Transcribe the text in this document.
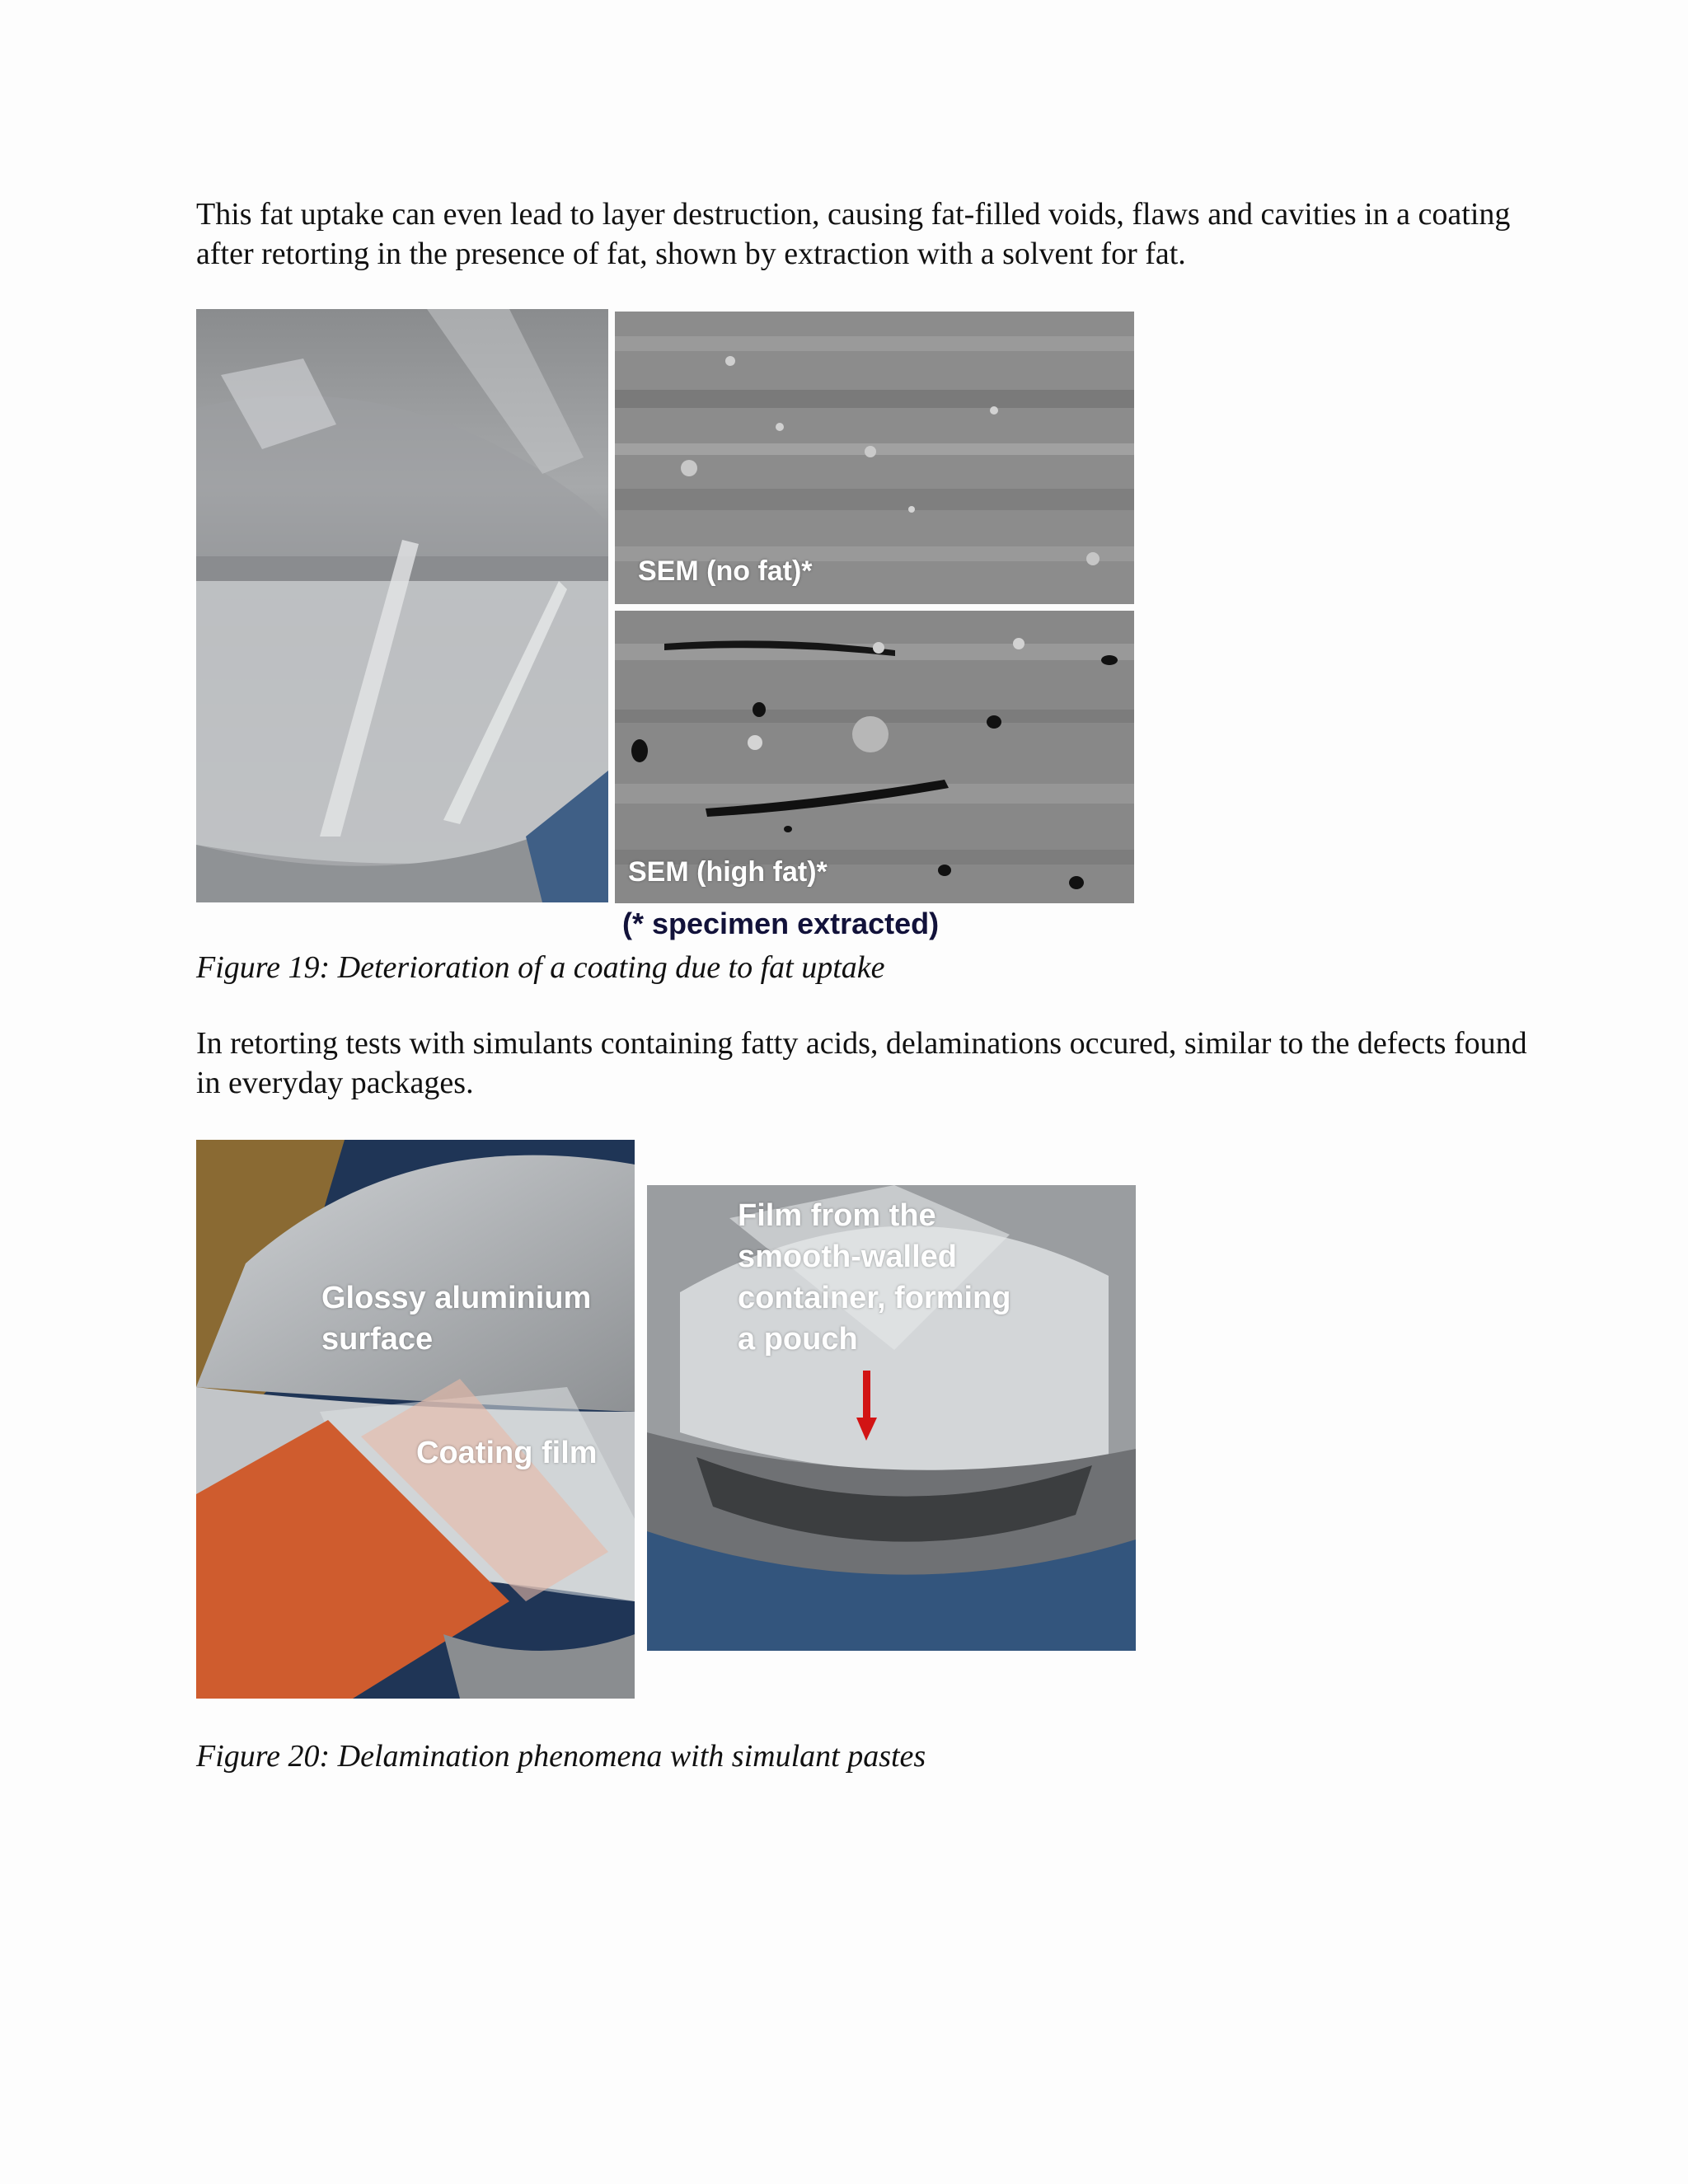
This fat uptake can even lead to layer destruction, causing fat-filled voids, flaws and cavities in a coating after retorting in the presence of fat, shown by extraction with a solvent for fat.

SEM (no fat)*
SEM (high fat)*
(* specimen extracted)

Figure 19: Deterioration of a coating due to fat uptake

In retorting tests with simulants containing fatty acids, delaminations occured, similar to the defects found in everyday packages.

Glossy aluminium
surface
Coating film
Film from the
smooth-walled
container, forming
a pouch

Figure 20: Delamination phenomena with simulant pastes
